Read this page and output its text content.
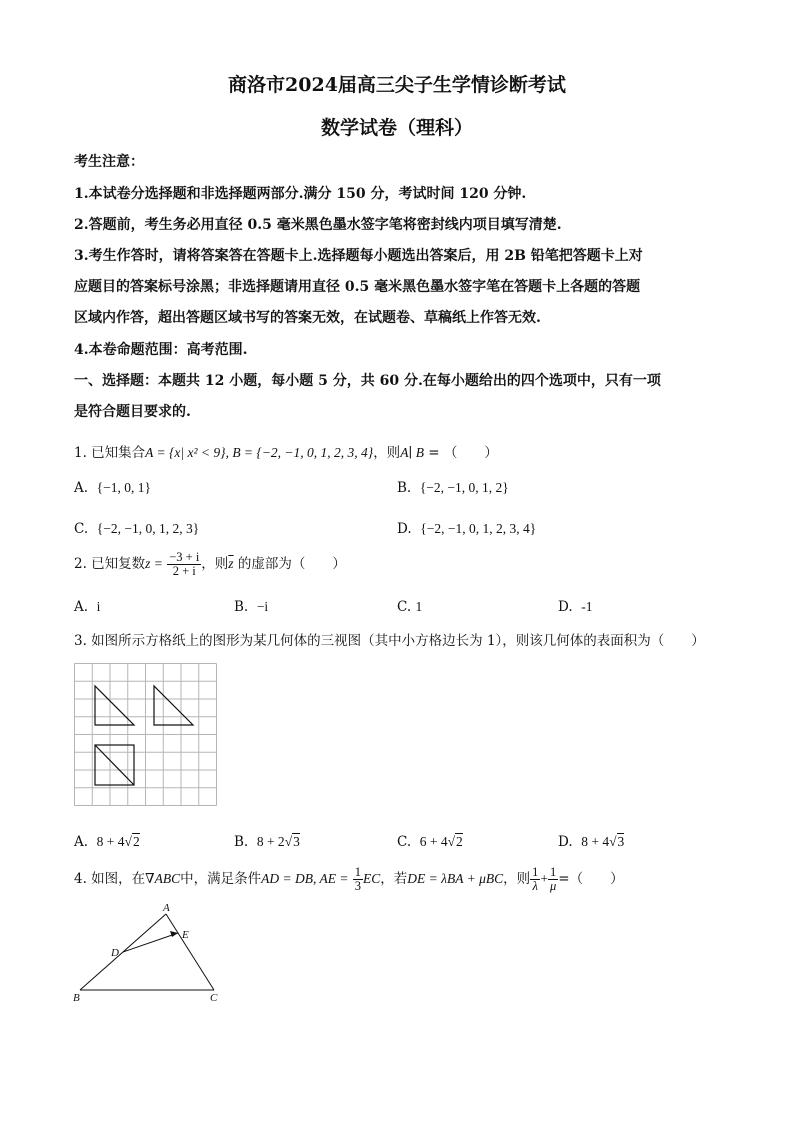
商洛市2024届高三尖子生学情诊断考试
数学试卷（理科）
考生注意：
1.本试卷分选择题和非选择题两部分.满分 150 分，考试时间 120 分钟.
2.答题前，考生务必用直径 0.5 毫米黑色墨水签字笔将密封线内项目填写清楚.
3.考生作答时，请将答案答在答题卡上.选择题每小题选出答案后，用 2B 铅笔把答题卡上对
应题目的答案标号涂黑；非选择题请用直径 0.5 毫米黑色墨水签字笔在答题卡上各题的答题
区域内作答，超出答题区域书写的答案无效，在试题卷、草稿纸上作答无效.
4.本卷命题范围：高考范围.
一、选择题：本题共 12 小题，每小题 5 分，共 60 分.在每小题给出的四个选项中，只有一项
是符合题目要求的.
1. 已知集合A = {x| x² < 9}, B = {−2, −1, 0, 1, 2, 3, 4}，则A∣ B = （　　）
A. {−1, 0, 1}	B. {−2, −1, 0, 1, 2}
C. {−2, −1, 0, 1, 2, 3}	D. {−2, −1, 0, 1, 2, 3, 4}
2. 已知复数$z = \frac{-3 + i}{2 + i}$ ，则$\overline{z}$ 的虚部为（　　）
A. i	B. −i	C. 1	D. -1
3. 如图所示方格纸上的图形为某几何体的三视图（其中小方格边长为 1），则该几何体的表面积为（　　）
A. 8 + 4√2	B. 8 + 2√3	C. 6 + 4√2	D. 8 + 4√3
4. 如图，在∇ABC中，满足条件AD = DB, AE = $\frac{1}{3}$ EC，若DE = λBA + μBC，则 $\frac{1}{\lambda} + \frac{1}{\mu}$ =（　　）
A
B	C
D
E
